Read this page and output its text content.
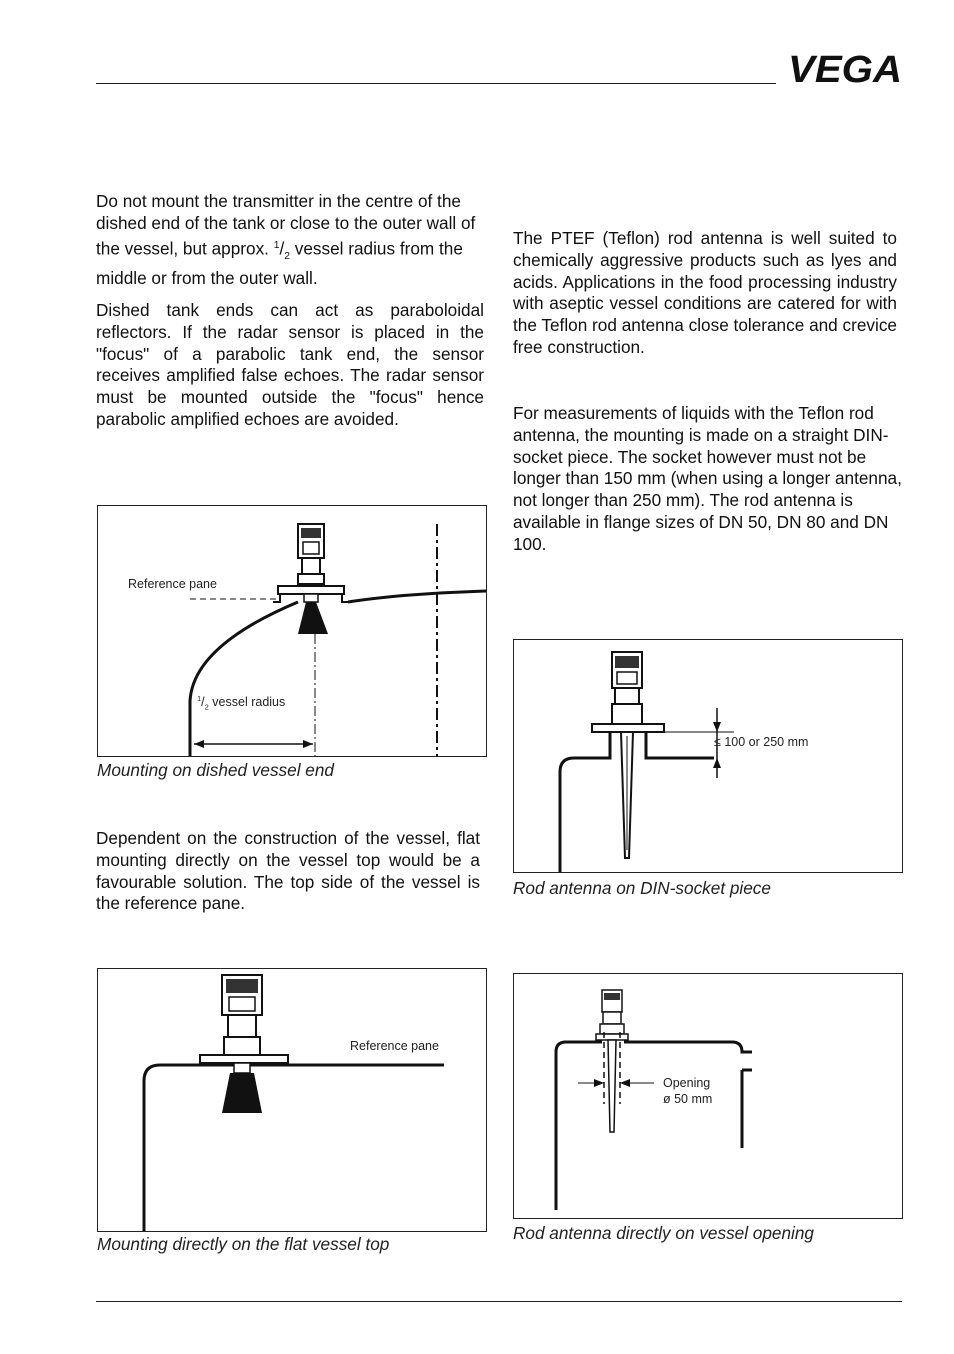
VEGA

Do not mount the transmitter in the centre of the dished end of the tank or close to the outer wall of the vessel, but approx. $^1/_2$ vessel radius from the middle or from the outer wall.

Dished tank ends can act as paraboloidal reflectors. If the radar sensor is placed in the "focus" of a parabolic tank end, the sensor receives amplified false echoes. The radar sensor must be mounted outside the "focus" hence parabolic amplified echoes are avoided.

Reference pane
$^1/_2$ vessel radius
Mounting on dished vessel end

Dependent on the construction of the vessel, flat mounting directly on the vessel top would be a favourable solution. The top side of the vessel is the reference pane.

Reference pane
Mounting directly on the flat vessel top

The PTEF (Teflon) rod antenna is well suited to chemically aggressive products such as lyes and acids. Applications in the food processing industry with aseptic vessel conditions are catered for with the Teflon rod antenna close tolerance and crevice free construction.

For measurements of liquids with the Teflon rod antenna, the mounting is made on a straight DIN-socket piece. The socket however must not be longer than 150 mm (when using a longer antenna, not longer than 250 mm). The rod antenna is available in flange sizes of DN 50, DN 80 and DN 100.

≤ 100 or 250 mm
Rod antenna on DIN-socket piece
Opening
ø 50 mm
Rod antenna directly on vessel opening
